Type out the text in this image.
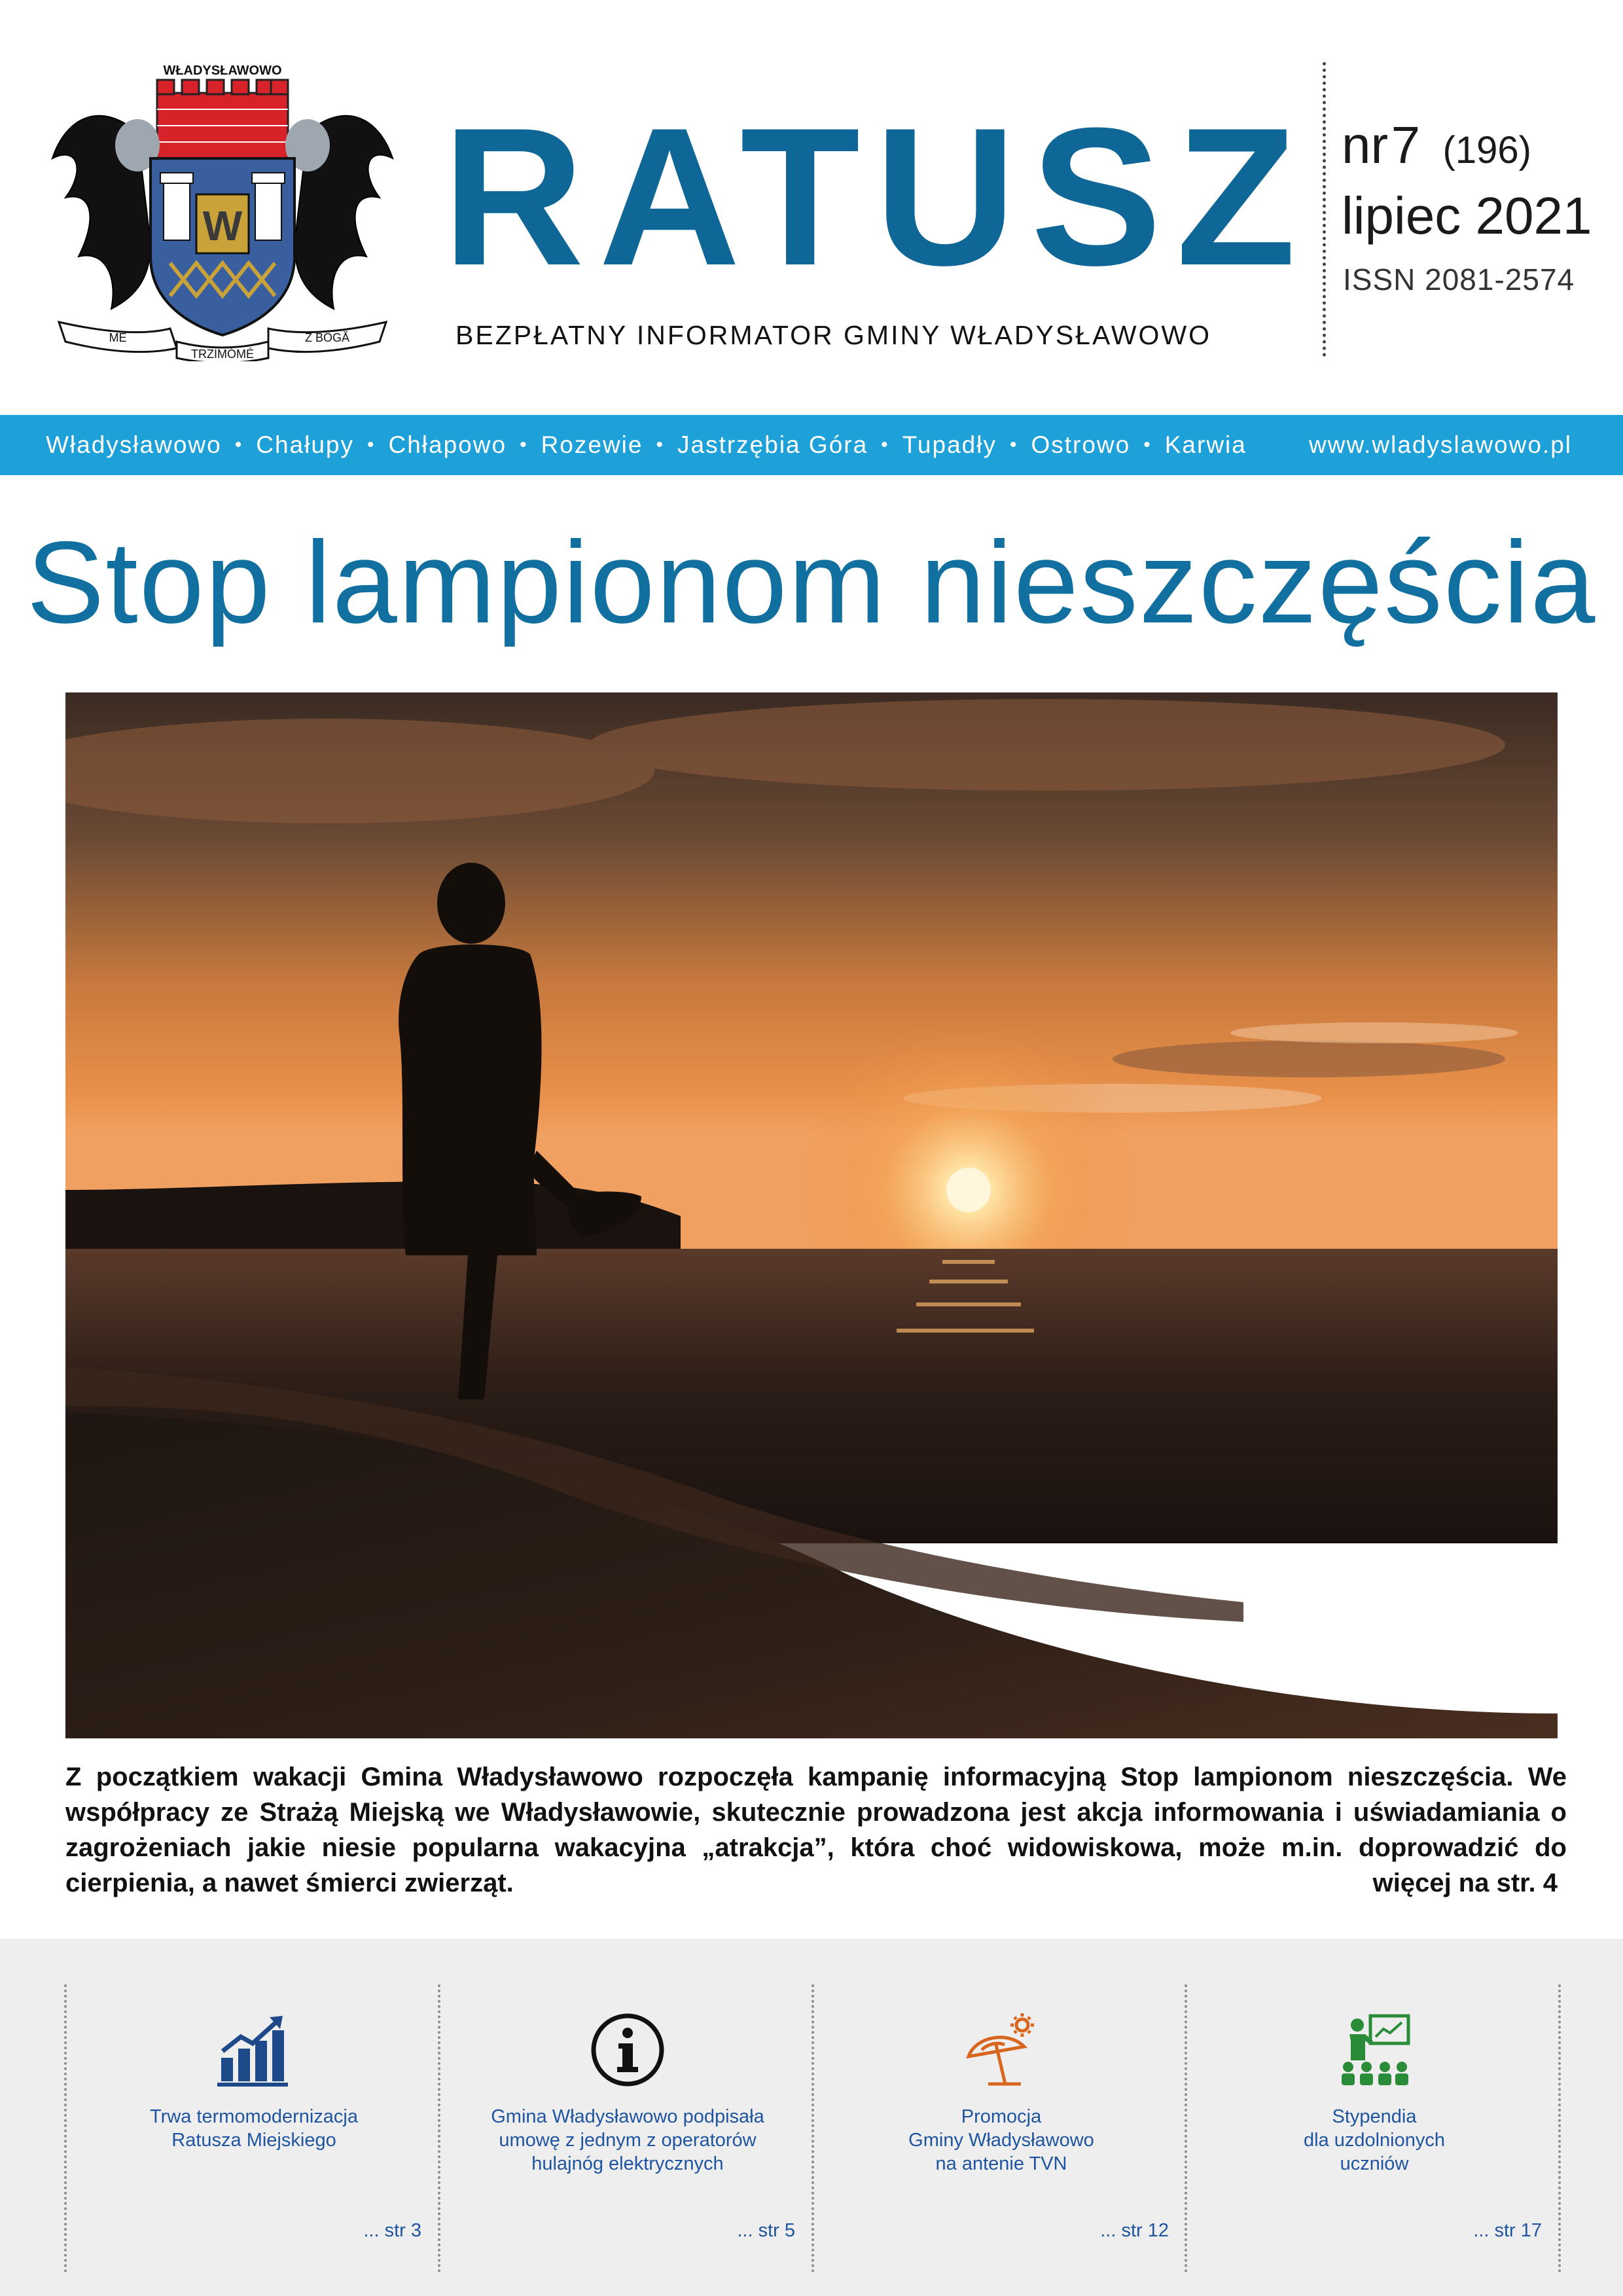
WŁADYSŁAWOWO
W
MÉ
TRZIMÓMÉ
Z BÔGĂ
RATUSZ
BEZPŁATNY INFORMATOR GMINY WŁADYSŁAWOWO
nr 7 (196)
lipiec 2021
ISSN 2081-2574
Władysławowo • Chałupy • Chłapowo • Rozewie • Jastrzębia Góra • Tupadły • Ostrowo • Karwia	www.wladyslawowo.pl
Stop lampionom nieszczęścia
Z początkiem wakacji Gmina Władysławowo rozpoczęła kampanię informacyjną Stop lampionom nieszczęścia. We współpracy ze Strażą Miejską we Władysławowie, skutecznie prowadzona jest akcja informowania i uświadamiania o zagrożeniach jakie niesie popularna wakacyjna „atrakcja”, która choć widowiskowa, może m.in. doprowadzić do cierpienia, a nawet śmierci zwierząt.	więcej na str. 4
Trwa termomodernizacja
Ratusza Miejskiego
... str 3
Gmina Władysławowo podpisała
umowę z jednym z operatorów
hulajnóg elektrycznych
... str 5
Promocja
Gminy Władysławowo
na antenie TVN
... str 12
Stypendia
dla uzdolnionych
uczniów
... str 17
